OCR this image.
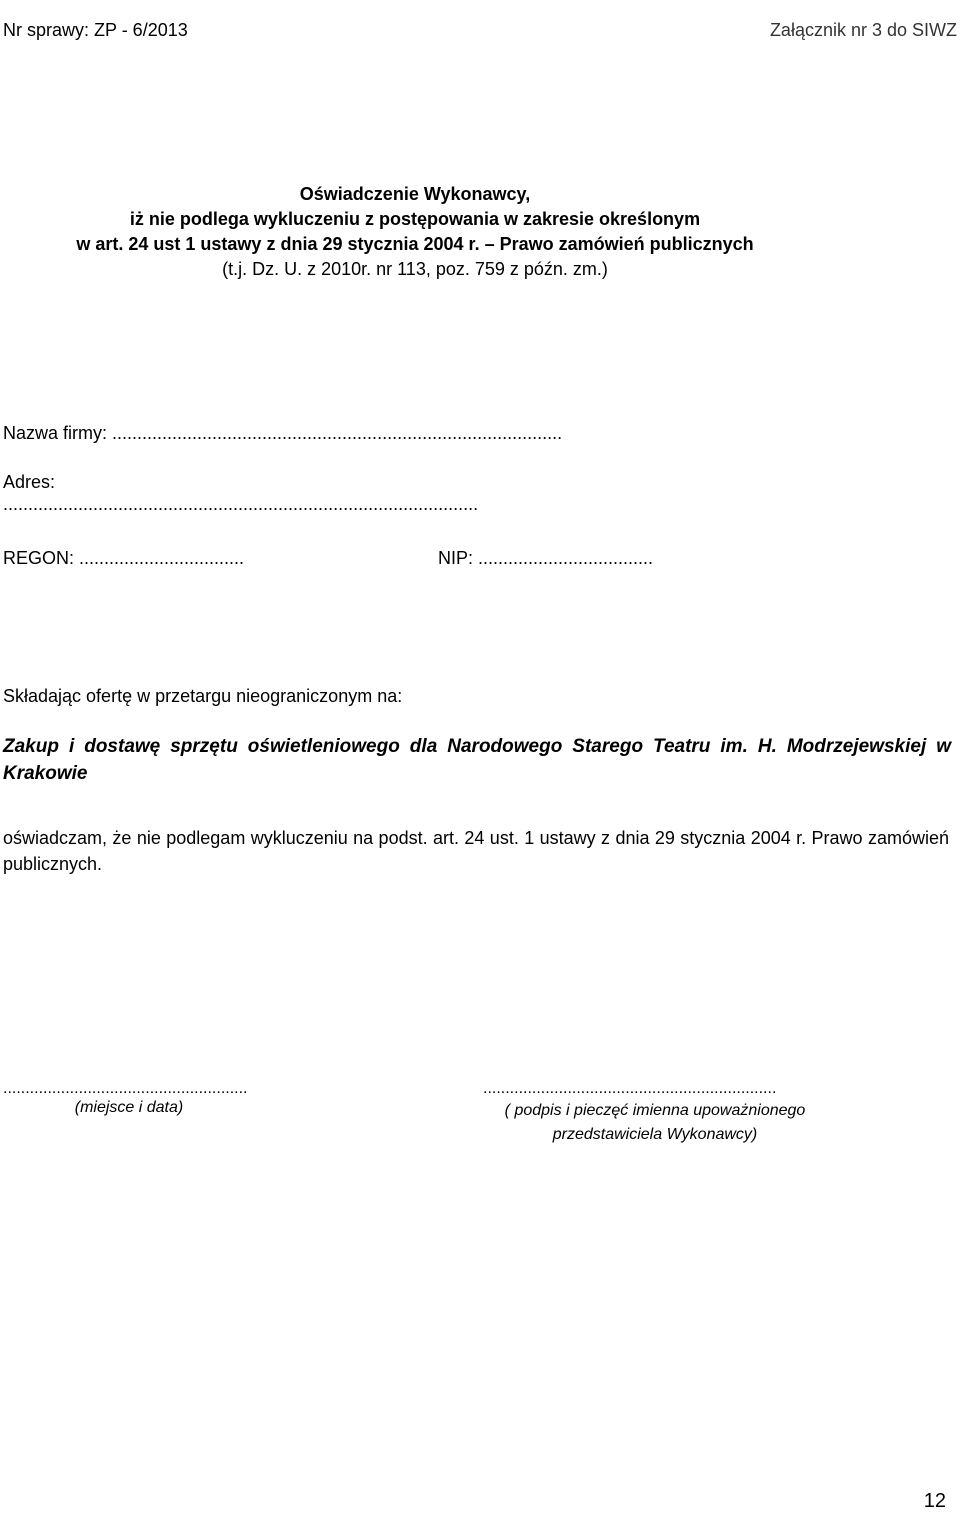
Nr sprawy: ZP - 6/2013	Załącznik nr 3 do SIWZ
Oświadczenie Wykonawcy,
iż nie podlega wykluczeniu z postępowania w zakresie określonym
w art. 24 ust 1 ustawy z dnia 29 stycznia 2004 r. – Prawo zamówień publicznych
(t.j. Dz. U. z 2010r. nr 113, poz. 759 z późn. zm.)
Nazwa firmy: ..........................................................................................
Adres:
...............................................................................................
REGON: .................................	NIP: ...................................
Składając ofertę w przetargu nieograniczonym na:
Zakup i dostawę sprzętu oświetleniowego dla Narodowego Starego Teatru im. H. Modrzejewskiej w Krakowie
oświadczam, że nie podlegam wykluczeniu na podst. art. 24 ust. 1 ustawy z dnia 29 stycznia 2004 r. Prawo zamówień publicznych.
.......................................................	..................................................................
(miejsce i data)	( podpis i pieczęć imienna upoważnionego przedstawiciela Wykonawcy)
12
